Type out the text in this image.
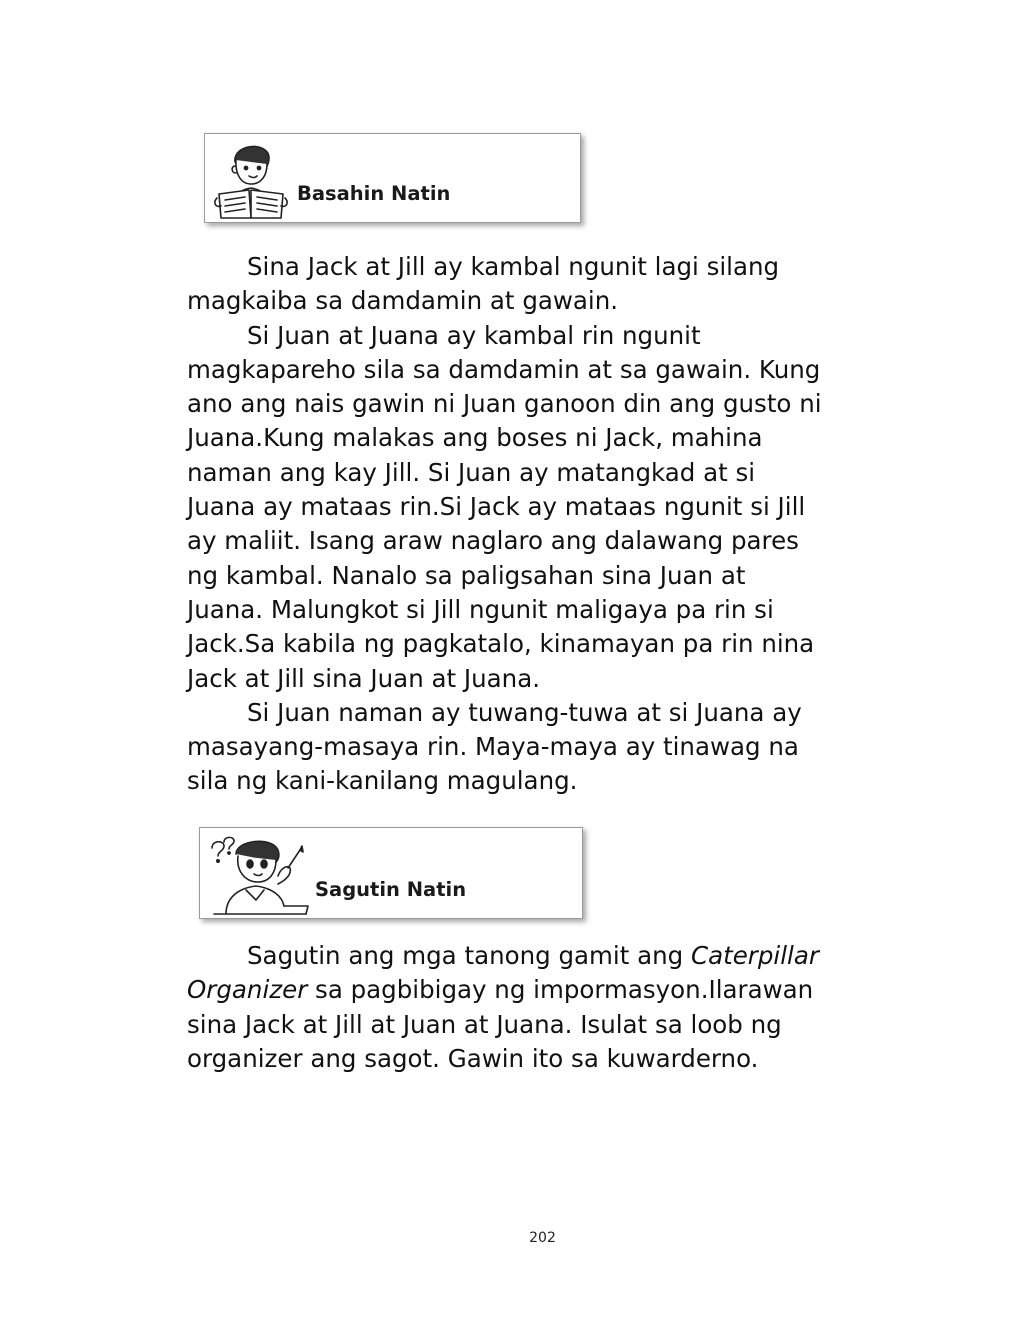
Basahin Natin

Sina Jack at Jill ay kambal ngunit lagi silang
magkaiba sa damdamin at gawain.

Si Juan at Juana ay kambal rin ngunit
magkapareho sila sa damdamin at sa gawain. Kung
ano ang nais gawin ni Juan ganoon din ang gusto ni
Juana.Kung malakas ang boses ni Jack, mahina
naman ang kay Jill. Si Juan ay matangkad at si
Juana ay mataas rin.Si Jack ay mataas ngunit si Jill
ay maliit. Isang araw naglaro ang dalawang pares
ng kambal. Nanalo sa paligsahan sina Juan at
Juana. Malungkot si Jill ngunit maligaya pa rin si
Jack.Sa kabila ng pagkatalo, kinamayan pa rin nina
Jack at Jill sina Juan at Juana.

Si Juan naman ay tuwang-tuwa at si Juana ay
masayang-masaya rin. Maya-maya ay tinawag na
sila ng kani-kanilang magulang.

Sagutin Natin

Sagutin ang mga tanong gamit ang Caterpillar
Organizer sa pagbibigay ng impormasyon.Ilarawan
sina Jack at Jill at Juan at Juana. Isulat sa loob ng
organizer ang sagot. Gawin ito sa kuwarderno.

202
